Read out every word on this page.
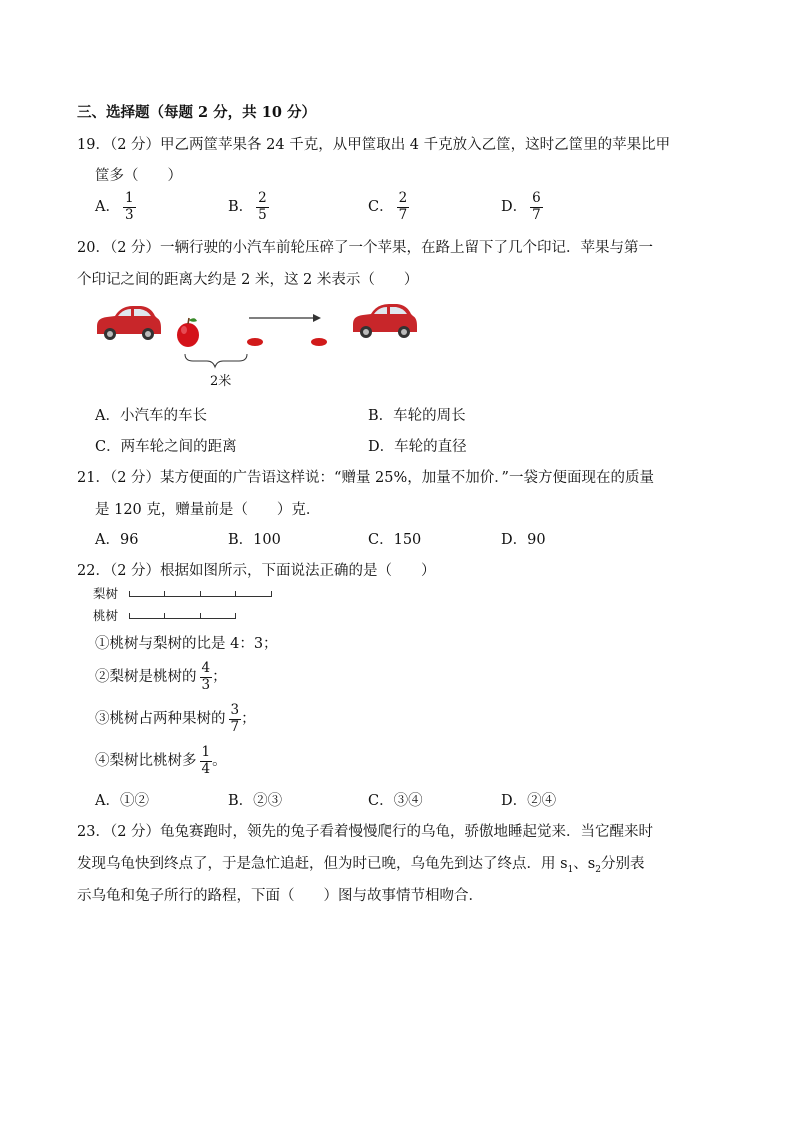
三、选择题（每题 2 分，共 10 分）
19．（2 分）甲乙两筐苹果各 24 千克，从甲筐取出 4 千克放入乙筐，这时乙筐里的苹果比甲
筐多（　　）
A． $\frac{1}{3}$	B． $\frac{2}{5}$	C． $\frac{2}{7}$	D． $\frac{6}{7}$
20．（2 分）一辆行驶的小汽车前轮压碎了一个苹果，在路上留下了几个印记．苹果与第一
个印记之间的距离大约是 2 米，这 2 米表示（　　）
2米
A．小汽车的车长	B．车轮的周长
C．两车轮之间的距离	D．车轮的直径
21．（2 分）某方便面的广告语这样说：“赠量 25%，加量不加价．”一袋方便面现在的质量
是 120 克，赠量前是（　　）克．
A．96	B．100	C．150	D．90
22．（2 分）根据如图所示，下面说法正确的是（　　）
梨树
桃树
①桃树与梨树的比是 4：3；
②梨树是桃树的 $\frac{4}{3}$ ；
③桃树占两种果树的 $\frac{3}{7}$ ；
④梨树比桃树多 $\frac{1}{4}$ 。
A．①②	B．②③	C．③④	D．②④
23．（2 分）龟兔赛跑时，领先的兔子看着慢慢爬行的乌龟，骄傲地睡起觉来．当它醒来时
发现乌龟快到终点了，于是急忙追赶，但为时已晚，乌龟先到达了终点．用 $s_1$、$s_2$分别表
示乌龟和兔子所行的路程，下面（　　）图与故事情节相吻合．
